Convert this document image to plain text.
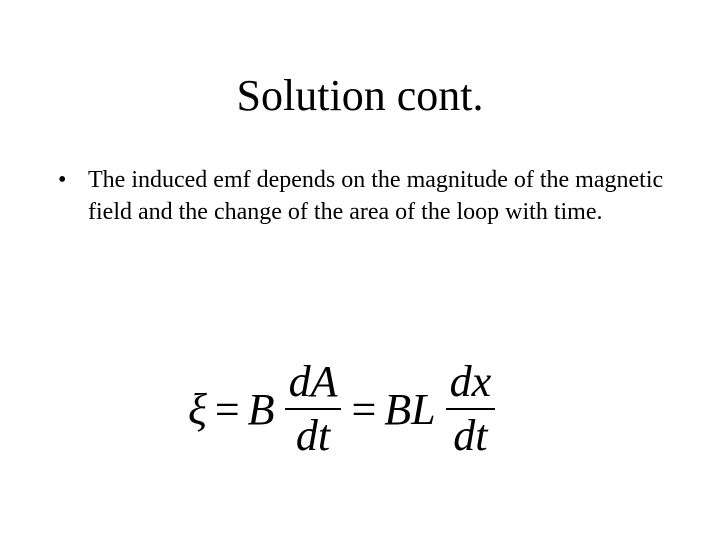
Solution cont.
• The induced emf depends on the magnitude of the magnetic field and the change of the area of the loop with time.
ξ = B $\frac{dA}{dt}$ = BL $\frac{dx}{dt}$
